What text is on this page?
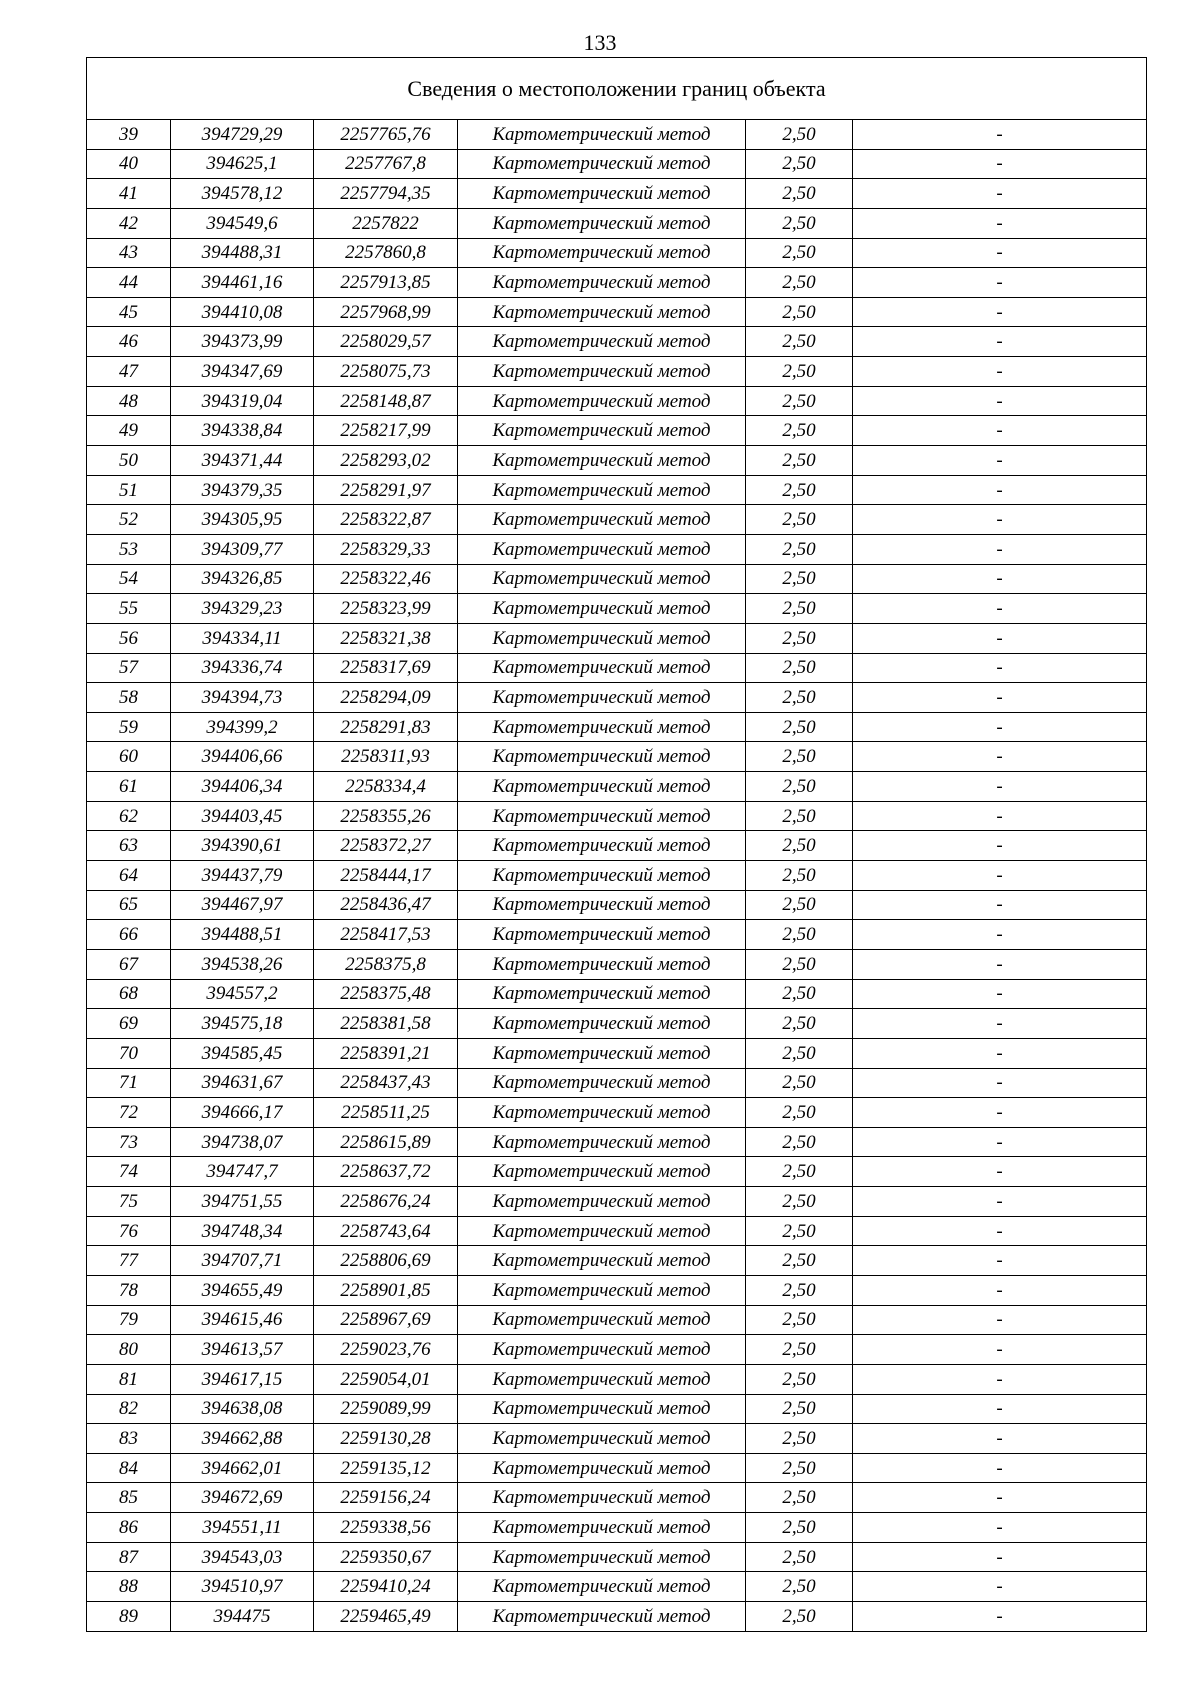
133
Сведения о местоположении границ объекта					
39	394729,29	2257765,76	Картометрический метод	2,50	-
40	394625,1	2257767,8	Картометрический метод	2,50	-
41	394578,12	2257794,35	Картометрический метод	2,50	-
42	394549,6	2257822	Картометрический метод	2,50	-
43	394488,31	2257860,8	Картометрический метод	2,50	-
44	394461,16	2257913,85	Картометрический метод	2,50	-
45	394410,08	2257968,99	Картометрический метод	2,50	-
46	394373,99	2258029,57	Картометрический метод	2,50	-
47	394347,69	2258075,73	Картометрический метод	2,50	-
48	394319,04	2258148,87	Картометрический метод	2,50	-
49	394338,84	2258217,99	Картометрический метод	2,50	-
50	394371,44	2258293,02	Картометрический метод	2,50	-
51	394379,35	2258291,97	Картометрический метод	2,50	-
52	394305,95	2258322,87	Картометрический метод	2,50	-
53	394309,77	2258329,33	Картометрический метод	2,50	-
54	394326,85	2258322,46	Картометрический метод	2,50	-
55	394329,23	2258323,99	Картометрический метод	2,50	-
56	394334,11	2258321,38	Картометрический метод	2,50	-
57	394336,74	2258317,69	Картометрический метод	2,50	-
58	394394,73	2258294,09	Картометрический метод	2,50	-
59	394399,2	2258291,83	Картометрический метод	2,50	-
60	394406,66	2258311,93	Картометрический метод	2,50	-
61	394406,34	2258334,4	Картометрический метод	2,50	-
62	394403,45	2258355,26	Картометрический метод	2,50	-
63	394390,61	2258372,27	Картометрический метод	2,50	-
64	394437,79	2258444,17	Картометрический метод	2,50	-
65	394467,97	2258436,47	Картометрический метод	2,50	-
66	394488,51	2258417,53	Картометрический метод	2,50	-
67	394538,26	2258375,8	Картометрический метод	2,50	-
68	394557,2	2258375,48	Картометрический метод	2,50	-
69	394575,18	2258381,58	Картометрический метод	2,50	-
70	394585,45	2258391,21	Картометрический метод	2,50	-
71	394631,67	2258437,43	Картометрический метод	2,50	-
72	394666,17	2258511,25	Картометрический метод	2,50	-
73	394738,07	2258615,89	Картометрический метод	2,50	-
74	394747,7	2258637,72	Картометрический метод	2,50	-
75	394751,55	2258676,24	Картометрический метод	2,50	-
76	394748,34	2258743,64	Картометрический метод	2,50	-
77	394707,71	2258806,69	Картометрический метод	2,50	-
78	394655,49	2258901,85	Картометрический метод	2,50	-
79	394615,46	2258967,69	Картометрический метод	2,50	-
80	394613,57	2259023,76	Картометрический метод	2,50	-
81	394617,15	2259054,01	Картометрический метод	2,50	-
82	394638,08	2259089,99	Картометрический метод	2,50	-
83	394662,88	2259130,28	Картометрический метод	2,50	-
84	394662,01	2259135,12	Картометрический метод	2,50	-
85	394672,69	2259156,24	Картометрический метод	2,50	-
86	394551,11	2259338,56	Картометрический метод	2,50	-
87	394543,03	2259350,67	Картометрический метод	2,50	-
88	394510,97	2259410,24	Картометрический метод	2,50	-
89	394475	2259465,49	Картометрический метод	2,50	-
